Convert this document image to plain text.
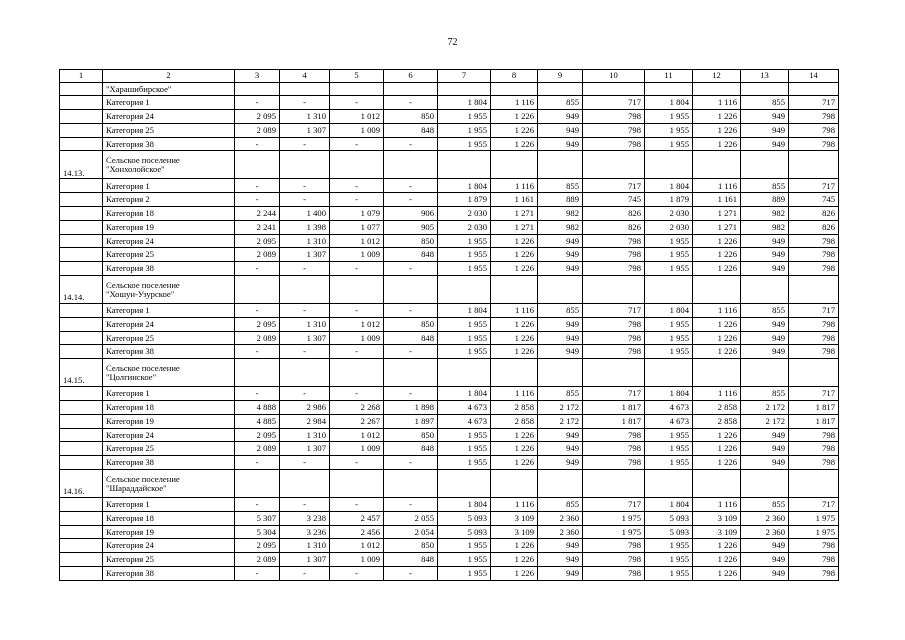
72
1	2	3	4	5	6	7	8	9	10	11	12	13	14
	"Харашибирское"												
	Категория 1	-	-	-	-	1 804	1 116	855	717	1 804	1 116	855	717
	Категория 24	2 095	1 310	1 012	850	1 955	1 226	949	798	1 955	1 226	949	798
	Категория 25	2 089	1 307	1 009	848	1 955	1 226	949	798	1 955	1 226	949	798
	Категория 38	-	-	-	-	1 955	1 226	949	798	1 955	1 226	949	798
14.13.	Сельское поселение
"Хонхолойское"												

	Категория 1	-	-	-	-	1 804	1 116	855	717	1 804	1 116	855	717
	Категория 2	-	-	-	-	1 879	1 161	889	745	1 879	1 161	889	745
	Категория 18	2 244	1 400	1 079	906	2 030	1 271	982	826	2 030	1 271	982	826
	Категория 19	2 241	1 398	1 077	905	2 030	1 271	982	826	2 030	1 271	982	826
	Категория 24	2 095	1 310	1 012	850	1 955	1 226	949	798	1 955	1 226	949	798
	Категория 25	2 089	1 307	1 009	848	1 955	1 226	949	798	1 955	1 226	949	798
	Категория 38	-	-	-	-	1 955	1 226	949	798	1 955	1 226	949	798
14.14.	Сельское поселение
"Хошун-Узурское"												

	Категория 1	-	-	-	-	1 804	1 116	855	717	1 804	1 116	855	717
	Категория 24	2 095	1 310	1 012	850	1 955	1 226	949	798	1 955	1 226	949	798
	Категория 25	2 089	1 307	1 009	848	1 955	1 226	949	798	1 955	1 226	949	798
	Категория 38	-	-	-	-	1 955	1 226	949	798	1 955	1 226	949	798
14.15.	Сельское поселение
"Цолгинское"												

	Категория 1	-	-	-	-	1 804	1 116	855	717	1 804	1 116	855	717
	Категория 18	4 888	2 986	2 268	1 898	4 673	2 858	2 172	1 817	4 673	2 858	2 172	1 817
	Категория 19	4 885	2 984	2 267	1 897	4 673	2 858	2 172	1 817	4 673	2 858	2 172	1 817
	Категория 24	2 095	1 310	1 012	850	1 955	1 226	949	798	1 955	1 226	949	798
	Категория 25	2 089	1 307	1 009	848	1 955	1 226	949	798	1 955	1 226	949	798
	Категория 38	-	-	-	-	1 955	1 226	949	798	1 955	1 226	949	798
14.16.	Сельское поселение
"Шараддайское"												

	Категория 1	-	-	-	-	1 804	1 116	855	717	1 804	1 116	855	717
	Категория 18	5 307	3 238	2 457	2 055	5 093	3 109	2 360	1 975	5 093	3 109	2 360	1 975
	Категория 19	5 304	3 236	2 456	2 054	5 093	3 109	2 360	1 975	5 093	3 109	2 360	1 975
	Категория 24	2 095	1 310	1 012	850	1 955	1 226	949	798	1 955	1 226	949	798
	Категория 25	2 089	1 307	1 009	848	1 955	1 226	949	798	1 955	1 226	949	798
	Категория 38	-	-	-	-	1 955	1 226	949	798	1 955	1 226	949	798
